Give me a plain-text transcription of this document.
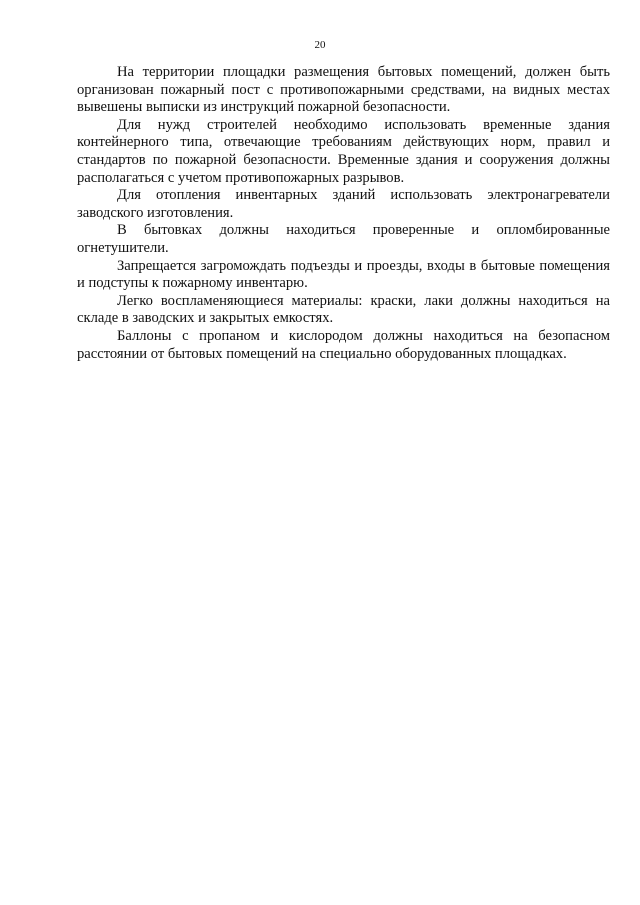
20

На территории площадки размещения бытовых помещений, должен быть организован пожарный пост с противопожарными средствами, на видных местах вывешены выписки из инструкций пожарной безопасности.

Для нужд строителей необходимо использовать временные здания контейнерного типа, отвечающие требованиям действующих норм, правил и стандартов по пожарной безопасности. Временные здания и сооружения должны располагаться с учетом противопожарных разрывов.

Для отопления инвентарных зданий использовать электронагреватели заводского изготовления.

В бытовках должны находиться проверенные и опломбированные огнетушители.

Запрещается загромождать подъезды и проезды, входы в бытовые помещения и подступы к пожарному инвентарю.

Легко воспламеняющиеся материалы: краски, лаки должны находиться на складе в заводских и закрытых емкостях.

Баллоны с пропаном и кислородом должны находиться на безопасном расстоянии от бытовых помещений на специально оборудованных площадках.
